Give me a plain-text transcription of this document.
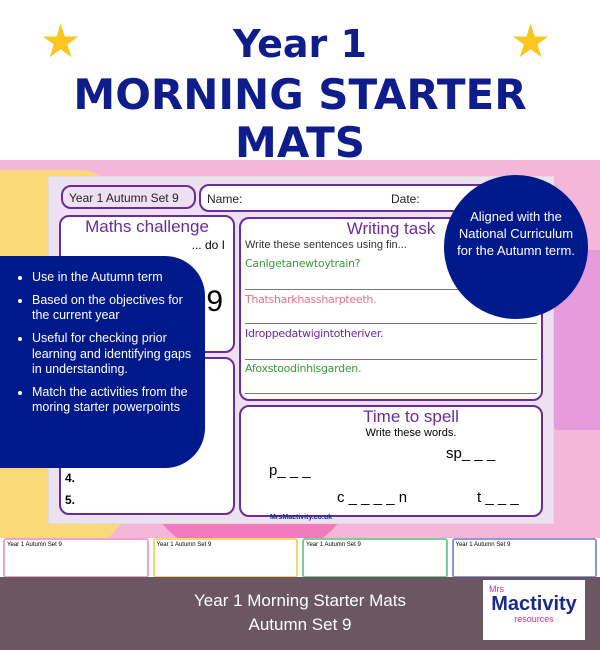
★	★
Year 1
MORNING STARTER
MATS
Year 1 Autumn Set 9	Name:	Date:
Maths challenge
... do I
9
4.
5.
Writing task
Write these sentences using fin...
CanIgetanewtoytrain?
Thatsharkhassharpteeth.
Idroppedatwigintotheriver.
Afoxstoodinhisgarden.
Time to spell
Write these words.
p_ _ _
sp_ _ _
c _ _ _ _ n	t _ _ _
MrsMactivity.co.uk
• Use in the Autumn term
• Based on the objectives for the current year
• Useful for checking prior learning and identifying gaps in understanding.
• Match the activities from the moring starter powerpoints
Aligned with the National Curriculum for the Autumn term.
Year 1 Autumn Set 9	Year 1 Autumn Set 9	Year 1 Autumn Set 9	Year 1 Autumn Set 9
Year 1 Morning Starter Mats
Autumn Set 9
Mrs
Mactivity
resources
